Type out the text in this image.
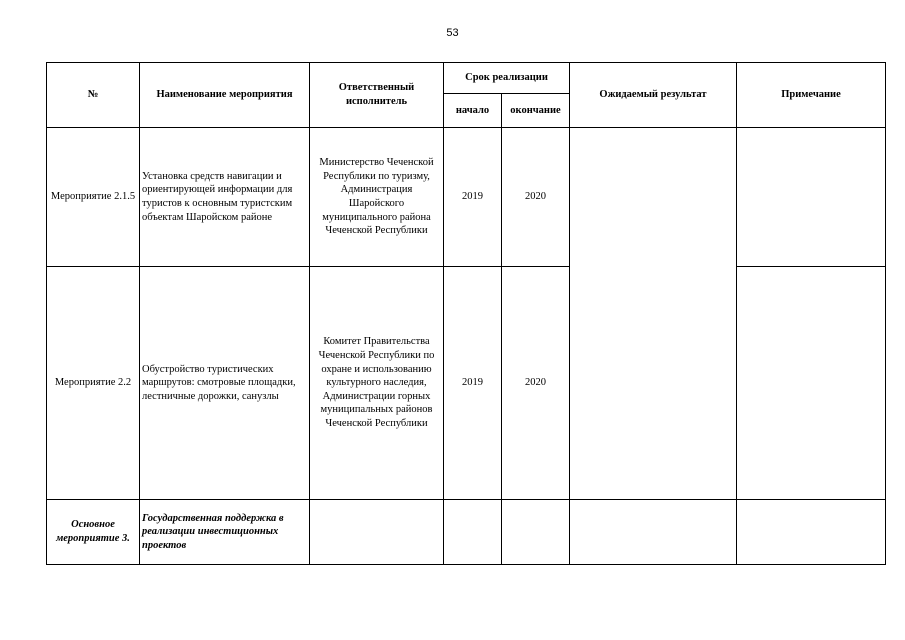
53
№	Наименование мероприятия	Ответственный исполнитель	Срок реализации		Ожидаемый результат	Примечание
			начало	окончание		
Мероприятие 2.1.5	Установка средств навигации и ориентирующей информации для туристов к основным туристским объектам Шаройском районе	Министерство Чеченской Республики по туризму, Администрация Шаройского муниципального района Чеченской Республики	2019	2020		
Мероприятие 2.2	Обустройство туристических маршрутов: смотровые площадки, лестничные дорожки, санузлы	Комитет Правительства Чеченской Республики по охране и использованию культурного наследия, Администрации горных муниципальных районов Чеченской Республики	2019	2020		
Основное мероприятие 3.	Государственная поддержка в реализации инвестиционных проектов					
